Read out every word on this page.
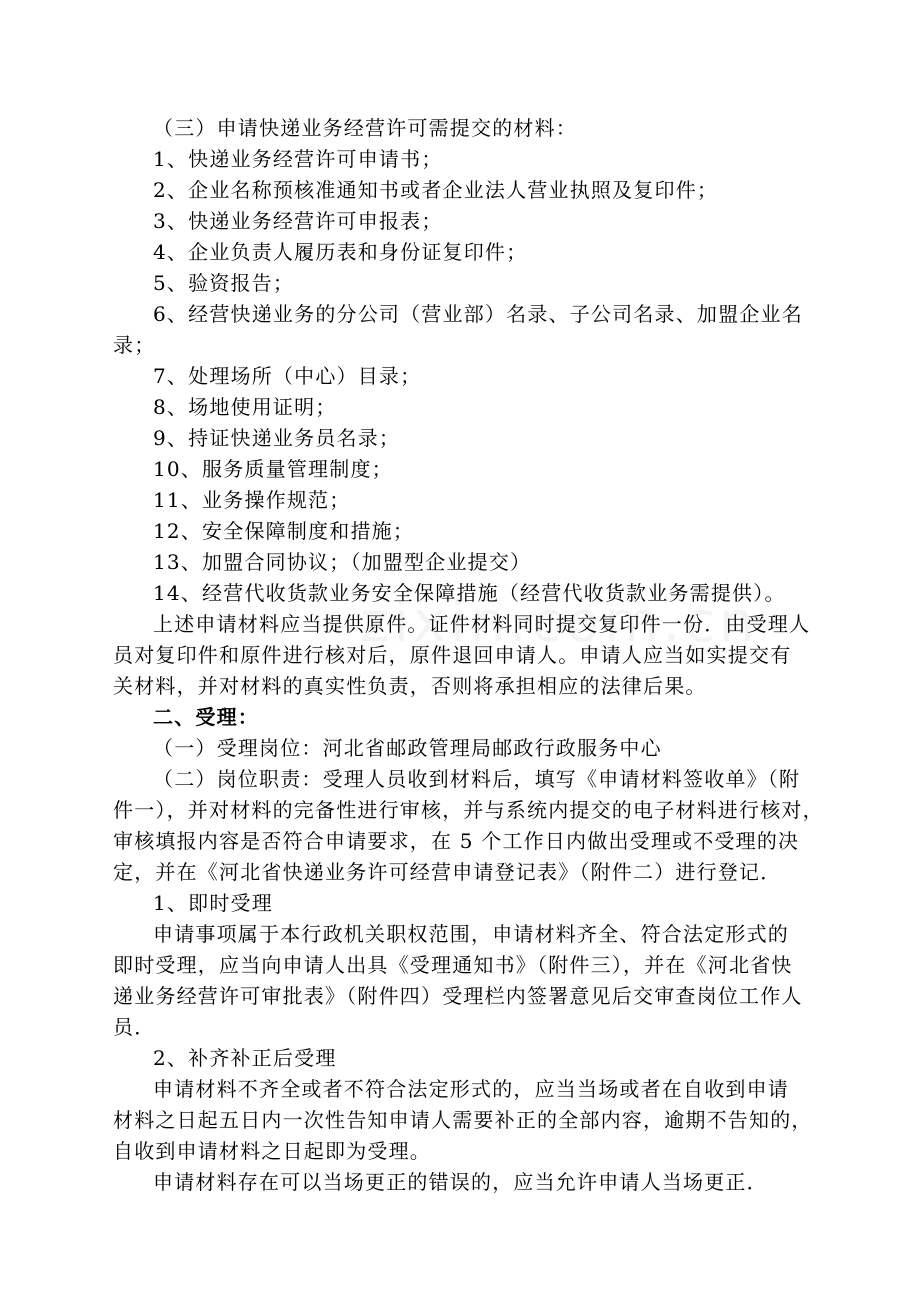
（三）申请快递业务经营许可需提交的材料：
1、快递业务经营许可申请书；
2、企业名称预核准通知书或者企业法人营业执照及复印件；
3、快递业务经营许可申报表；
4、企业负责人履历表和身份证复印件；
5、验资报告；
6、经营快递业务的分公司（营业部）名录、子公司名录、加盟企业名
录；
7、处理场所（中心）目录；
8、场地使用证明；
9、持证快递业务员名录；
10、服务质量管理制度；
11、业务操作规范；
12、安全保障制度和措施；
13、加盟合同协议；（加盟型企业提交）
14、经营代收货款业务安全保障措施（经营代收货款业务需提供）。
上述申请材料应当提供原件。证件材料同时提交复印件一份．由受理人
员对复印件和原件进行核对后，原件退回申请人。申请人应当如实提交有
关材料，并对材料的真实性负责，否则将承担相应的法律后果。
二、受理：
（一）受理岗位：河北省邮政管理局邮政行政服务中心
（二）岗位职责：受理人员收到材料后，填写《申请材料签收单》（附
件一），并对材料的完备性进行审核，并与系统内提交的电子材料进行核对，
审核填报内容是否符合申请要求，在 5 个工作日内做出受理或不受理的决
定，并在《河北省快递业务许可经营申请登记表》（附件二）进行登记．
1、即时受理
申请事项属于本行政机关职权范围，申请材料齐全、符合法定形式的
即时受理，应当向申请人出具《受理通知书》（附件三），并在《河北省快
递业务经营许可审批表》（附件四）受理栏内签署意见后交审查岗位工作人
员．
2、补齐补正后受理
申请材料不齐全或者不符合法定形式的，应当当场或者在自收到申请
材料之日起五日内一次性告知申请人需要补正的全部内容，逾期不告知的，
自收到申请材料之日起即为受理。
申请材料存在可以当场更正的错误的，应当允许申请人当场更正．
